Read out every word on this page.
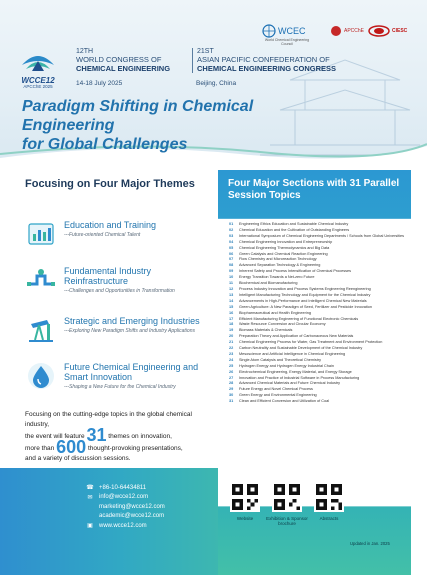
WCCE12
APCChE 2025
12TH
WORLD CONGRESS OF
CHEMICAL ENGINEERING
21ST
ASIAN PACIFIC CONFEDERATION OF
CHEMICAL ENGINEERING CONGRESS
14-18 July 2025	Beijing, China
WCEC
World Chemical Engineering Council
APCChE	CIESC
Paradigm Shifting in Chemical Engineering
for Global Challenges
Focusing on Four Major Themes
Education and Training
---Future-oriented Chemical Talent
Fundamental Industry Reinfrastructure
---Challenges and Opportunities in Transformation
Strategic and Emerging Industries
---Exploring New Paradigm Shifts and Industry Applications
Future Chemical Engineering and Smart Innovation
---Shaping a New Future for the Chemical Industry
Focusing on the cutting-edge topics in the global chemical industry,
the event will feature 31 themes on innovation,
more than 600 thought-provoking presentations,
and a variety of discussion sessions.
☎ +86-10-64434811
✉ info@wcce12.com
marketing@wcce12.com
academic@wcce12.com
▣ www.wcce12.com
Four Major Sections with 31 Parallel Session Topics
01	Engineering Ethics Education and Sustainable Chemical Industry
02	Chemical Education and the Cultivation of Outstanding Engineers
03	International Symposium of Chemical Engineering Departments / Schools from Global Universities
04	Chemical Engineering Innovation and Entrepreneurship
05	Chemical Engineering Thermodynamics and Big Data
06	Green Catalysis and Chemical Reaction Engineering
07	Flow Chemistry and Microreaction Technology
08	Advanced Separation Technology & Engineering
09	Inherent Safety and Process Intensification of Chemical Processes
10	Energy Transition Towards a Net-zero Future
11	Biochemical and Biomanufacturing
12	Process Industry Innovation and Process Systems Engineering Reengineering
13	Intelligent Manufacturing Technology and Equipment for the Chemical Industry
14	Advancements in High-Performance and Intelligent Chemical New Materials
15	Green Agriculture: A New Paradigm of Seed, Fertilizer and Pesticide Innovation
16	Biopharmaceutical and Health Engineering
17	Efficient Manufacturing Engineering of Functional Electronic Chemicals
18	Waste Resource Conversion and Circular Economy
19	Biomass Materials & Chemicals
20	Preparation Theory and Application of Carbonaceous New Materials
21	Chemical Engineering Process for Water, Gas Treatment and Environment Protection
22	Carbon Neutrality and Sustainable Development of the Chemical Industry
23	Mesoscience and Artificial Intelligence in Chemical Engineering
24	Single Atom Catalysis and Theoretical Chemistry
25	Hydrogen Energy and Hydrogen Energy Industrial Chain
26	Electrochemical Engineering, Energy Material, and Energy Storage
27	Innovation and Practice of Industrial Software in Process Manufacturing
28	Advanced Chemical Materials and Future Chemical Industry
29	Future Energy and Novel Chemical Process
30	Green Energy and Environmental Engineering
31	Clean and Efficient Conversion and Utilization of Coal
Website	Exhibition & Sponsor brochure
Abstracts
Updated in Jan. 2025
